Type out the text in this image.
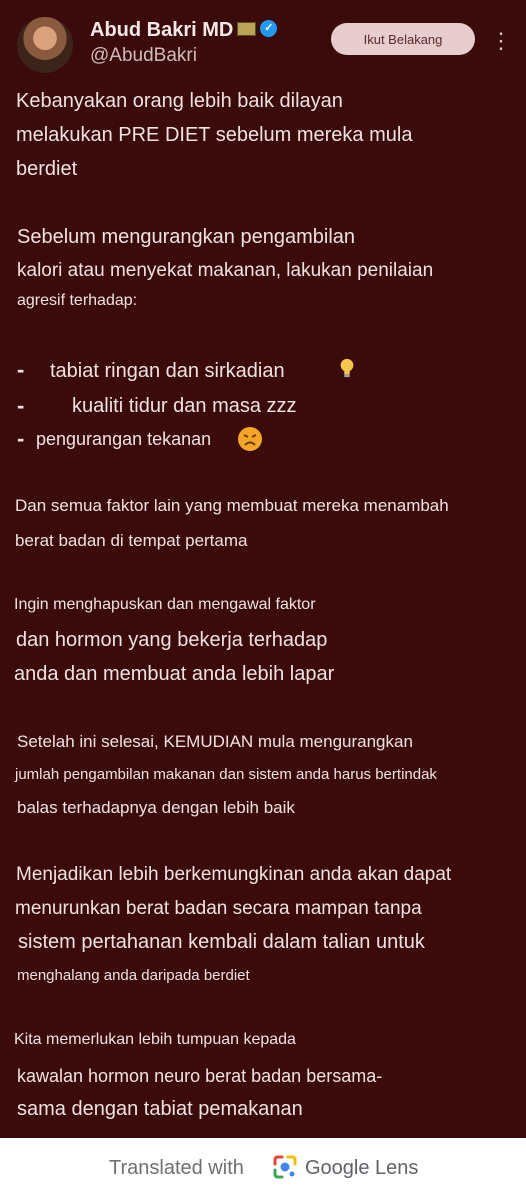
Abud Bakri MD	✓
@AbudBakri
Ikut Belakang	⋮
Kebanyakan orang lebih baik dilayan
melakukan PRE DIET sebelum mereka mula
berdiet
Sebelum mengurangkan pengambilan
kalori atau menyekat makanan, lakukan penilaian
agresif terhadap:
- tabiat ringan dan sirkadian
- kualiti tidur dan masa zzz
- pengurangan tekanan
Dan semua faktor lain yang membuat mereka menambah
berat badan di tempat pertama
Ingin menghapuskan dan mengawal faktor
dan hormon yang bekerja terhadap
anda dan membuat anda lebih lapar
Setelah ini selesai, KEMUDIAN mula mengurangkan
jumlah pengambilan makanan dan sistem anda harus bertindak
balas terhadapnya dengan lebih baik
Menjadikan lebih berkemungkinan anda akan dapat
menurunkan berat badan secara mampan tanpa
sistem pertahanan kembali dalam talian untuk
menghalang anda daripada berdiet
Kita memerlukan lebih tumpuan kepada
kawalan hormon neuro berat badan bersama-
sama dengan tabiat pemakanan
Translated with	Google Lens
